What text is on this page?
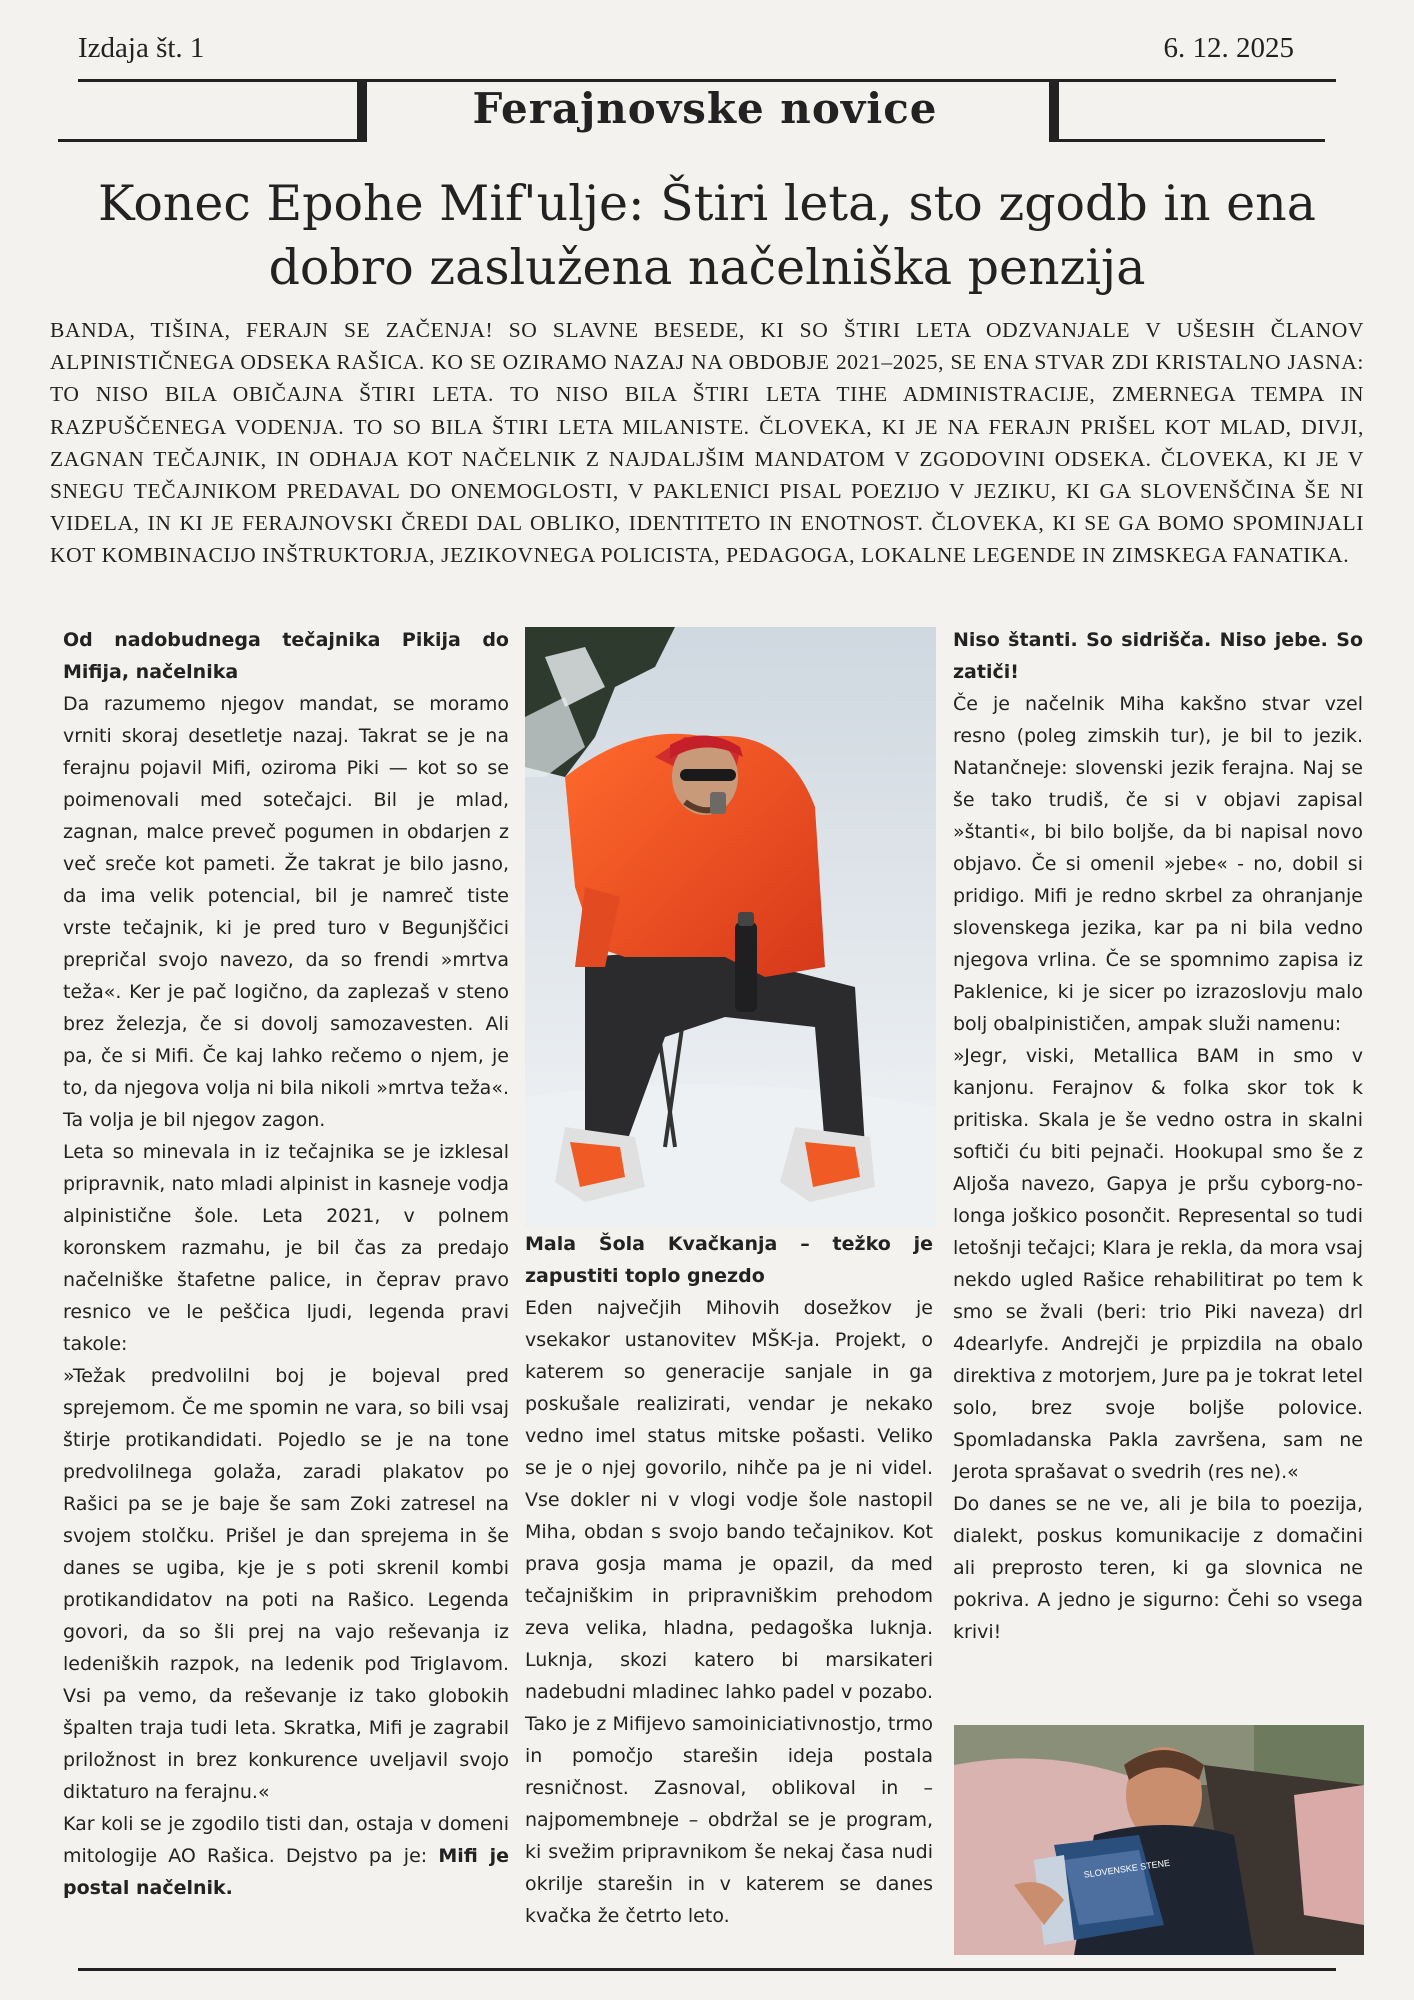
Izdaja št. 1	6. 12. 2025
Ferajnovske novice
Konec Epohe Mif'ulje: Štiri leta, sto zgodb in ena dobro zaslužena načelniška penzija

BANDA, TIŠINA, FERAJN SE ZAČENJA! SO SLAVNE BESEDE, KI SO ŠTIRI LETA ODZVANJALE V UŠESIH ČLANOV ALPINISTIČNEGA ODSEKA RAŠICA. KO SE OZIRAMO NAZAJ NA OBDOBJE 2021–2025, SE ENA STVAR ZDI KRISTALNO JASNA: TO NISO BILA OBIČAJNA ŠTIRI LETA. TO NISO BILA ŠTIRI LETA TIHE ADMINISTRACIJE, ZMERNEGA TEMPA IN RAZPUŠČENEGA VODENJA. TO SO BILA ŠTIRI LETA MILANISTE. ČLOVEKA, KI JE NA FERAJN PRIŠEL KOT MLAD, DIVJI, ZAGNAN TEČAJNIK, IN ODHAJA KOT NAČELNIK Z NAJDALJŠIM MANDATOM V ZGODOVINI ODSEKA. ČLOVEKA, KI JE V SNEGU TEČAJNIKOM PREDAVAL DO ONEMOGLOSTI, V PAKLENICI PISAL POEZIJO V JEZIKU, KI GA SLOVENŠČINA ŠE NI VIDELA, IN KI JE FERAJNOVSKI ČREDI DAL OBLIKO, IDENTITETO IN ENOTNOST. ČLOVEKA, KI SE GA BOMO SPOMINJALI KOT KOMBINACIJO INŠTRUKTORJA, JEZIKOVNEGA POLICISTA, PEDAGOGA, LOKALNE LEGENDE IN ZIMSKEGA FANATIKA.

Od nadobudnega tečajnika Pikija do Mifija, načelnika

Da razumemo njegov mandat, se moramo vrniti skoraj desetletje nazaj. Takrat se je na ferajnu pojavil Mifi, oziroma Piki — kot so se poimenovali med sotečajci. Bil je mlad, zagnan, malce preveč pogumen in obdarjen z več sreče kot pameti. Že takrat je bilo jasno, da ima velik potencial, bil je namreč tiste vrste tečajnik, ki je pred turo v Begunjščici prepričal svojo navezo, da so frendi »mrtva teža«. Ker je pač logično, da zaplezaš v steno brez železja, če si dovolj samozavesten. Ali pa, če si Mifi. Če kaj lahko rečemo o njem, je to, da njegova volja ni bila nikoli »mrtva teža«. Ta volja je bil njegov zagon.

Leta so minevala in iz tečajnika se je izklesal pripravnik, nato mladi alpinist in kasneje vodja alpinistične šole. Leta 2021, v polnem koronskem razmahu, je bil čas za predajo načelniške štafetne palice, in čeprav pravo resnico ve le peščica ljudi, legenda pravi takole:

»Težak predvolilni boj je bojeval pred sprejemom. Če me spomin ne vara, so bili vsaj štirje protikandidati. Pojedlo se je na tone predvolilnega golaža, zaradi plakatov po Rašici pa se je baje še sam Zoki zatresel na svojem stolčku. Prišel je dan sprejema in še danes se ugiba, kje je s poti skrenil kombi protikandidatov na poti na Rašico. Legenda govori, da so šli prej na vajo reševanja iz ledeniških razpok, na ledenik pod Triglavom. Vsi pa vemo, da reševanje iz tako globokih špalten traja tudi leta. Skratka, Mifi je zagrabil priložnost in brez konkurence uveljavil svojo diktaturo na ferajnu.«

Kar koli se je zgodilo tisti dan, ostaja v domeni mitologije AO Rašica. Dejstvo pa je: Mifi je postal načelnik.

Mala Šola Kvačkanja – težko je zapustiti toplo gnezdo

Eden največjih Mihovih dosežkov je vsekakor ustanovitev MŠK-ja. Projekt, o katerem so generacije sanjale in ga poskušale realizirati, vendar je nekako vedno imel status mitske pošasti. Veliko se je o njej govorilo, nihče pa je ni videl. Vse dokler ni v vlogi vodje šole nastopil Miha, obdan s svojo bando tečajnikov. Kot prava gosja mama je opazil, da med tečajniškim in pripravniškim prehodom zeva velika, hladna, pedagoška luknja. Luknja, skozi katero bi marsikateri nadebudni mladinec lahko padel v pozabo. Tako je z Mifijevo samoiniciativnostjo, trmo in pomočjo starešin ideja postala resničnost. Zasnoval, oblikoval in – najpomembneje – obdržal se je program, ki svežim pripravnikom še nekaj časa nudi okrilje starešin in v katerem se danes kvačka že četrto leto.

Niso štanti. So sidrišča. Niso jebe. So zatiči!

Če je načelnik Miha kakšno stvar vzel resno (poleg zimskih tur), je bil to jezik. Natančneje: slovenski jezik ferajna. Naj se še tako trudiš, če si v objavi zapisal »štanti«, bi bilo boljše, da bi napisal novo objavo. Če si omenil »jebe« - no, dobil si pridigo. Mifi je redno skrbel za ohranjanje slovenskega jezika, kar pa ni bila vedno njegova vrlina. Če se spomnimo zapisa iz Paklenice, ki je sicer po izrazoslovju malo bolj obalpinističen, ampak služi namenu:

»Jegr, viski, Metallica BAM in smo v kanjonu. Ferajnov & folka skor tok k pritiska. Skala je še vedno ostra in skalni softiči ću biti pejnači. Hookupal smo še z Aljoša navezo, Gapya je pršu cyborg-no-longa joškico posončit. Represental so tudi letošnji tečajci; Klara je rekla, da mora vsaj nekdo ugled Rašice rehabilitirat po tem k smo se žvali (beri: trio Piki naveza) drl 4dearlyfe. Andrejči je prpizdila na obalo direktiva z motorjem, Jure pa je tokrat letel solo, brez svoje boljše polovice. Spomladanska Pakla završena, sam ne Jerota sprašavat o svedrih (res ne).«

Do danes se ne ve, ali je bila to poezija, dialekt, poskus komunikacije z domačini ali preprosto teren, ki ga slovnica ne pokriva. A jedno je sigurno: Čehi so vsega krivi!

SLOVENSKE STENE
